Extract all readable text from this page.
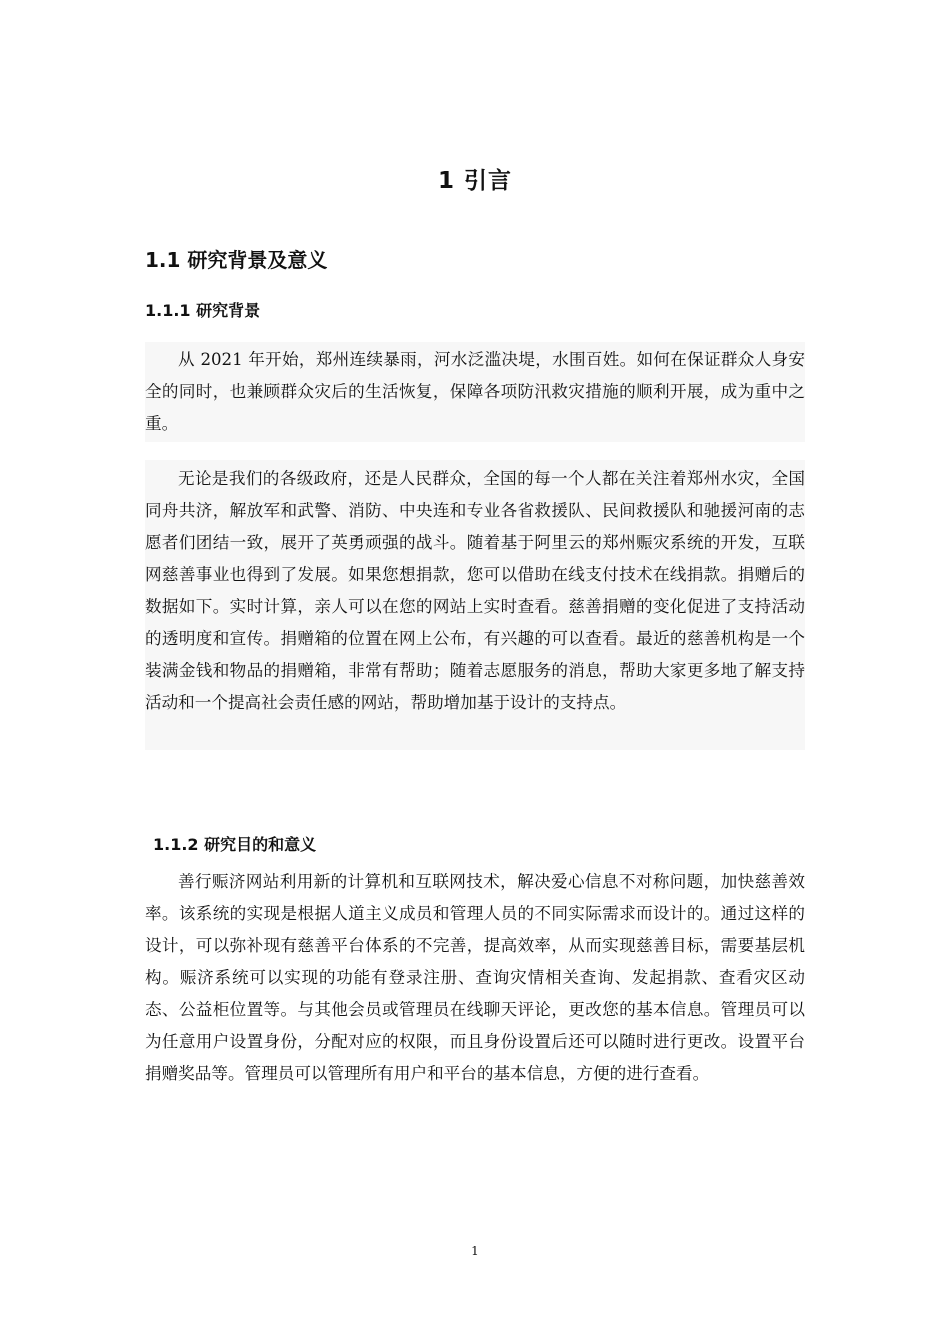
1 引言
1.1 研究背景及意义
1.1.1 研究背景

从 2021 年开始，郑州连续暴雨，河水泛滥决堤，水围百姓。如何在保证群众人身安全的同时，也兼顾群众灾后的生活恢复，保障各项防汛救灾措施的顺利开展，成为重中之重。

无论是我们的各级政府，还是人民群众，全国的每一个人都在关注着郑州水灾，全国同舟共济，解放军和武警、消防、中央连和专业各省救援队、民间救援队和驰援河南的志愿者们团结一致，展开了英勇顽强的战斗。随着基于阿里云的郑州赈灾系统的开发，互联网慈善事业也得到了发展。如果您想捐款，您可以借助在线支付技术在线捐款。捐赠后的数据如下。实时计算，亲人可以在您的网站上实时查看。慈善捐赠的变化促进了支持活动的透明度和宣传。捐赠箱的位置在网上公布，有兴趣的可以查看。最近的慈善机构是一个装满金钱和物品的捐赠箱，非常有帮助；随着志愿服务的消息，帮助大家更多地了解支持活动和一个提高社会责任感的网站，帮助增加基于设计的支持点。

1.1.2 研究目的和意义

善行赈济网站利用新的计算机和互联网技术，解决爱心信息不对称问题，加快慈善效率。该系统的实现是根据人道主义成员和管理人员的不同实际需求而设计的。通过这样的设计，可以弥补现有慈善平台体系的不完善，提高效率，从而实现慈善目标，需要基层机构。赈济系统可以实现的功能有登录注册、查询灾情相关查询、发起捐款、查看灾区动态、公益柜位置等。与其他会员或管理员在线聊天评论，更改您的基本信息。管理员可以为任意用户设置身份，分配对应的权限，而且身份设置后还可以随时进行更改。设置平台捐赠奖品等。管理员可以管理所有用户和平台的基本信息，方便的进行查看。

1
